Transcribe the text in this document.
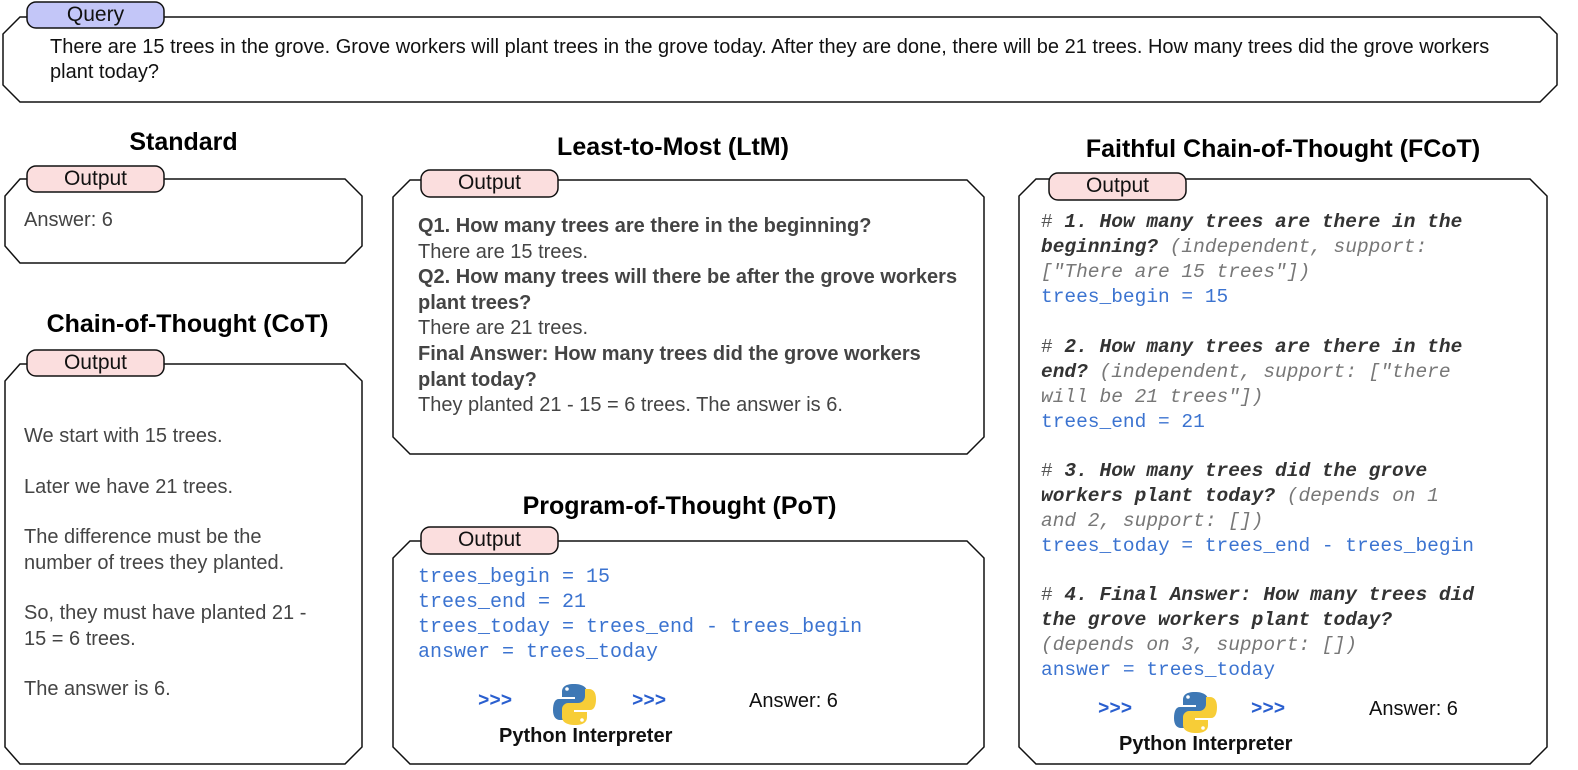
Query
There are 15 trees in the grove. Grove workers will plant trees in the grove today. After they are done, there will be 21 trees. How many trees did the grove workers plant today?
Standard
Output
Answer: 6
Chain-of-Thought (CoT)
Output
We start with 15 trees.
Later we have 21 trees.
The difference must be the number of trees they planted.
So, they must have planted 21 - 15 = 6 trees.
The answer is 6.
Least-to-Most (LtM)
Output
Q1. How many trees are there in the beginning?
There are 15 trees.
Q2. How many trees will there be after the grove workers plant trees?
There are 21 trees.
Final Answer: How many trees did the grove workers plant today?
They planted 21 - 15 = 6 trees. The answer is 6.
Program-of-Thought (PoT)
Output
trees_begin = 15
trees_end = 21
trees_today = trees_end - trees_begin
answer = trees_today
>>>	>>>	Answer: 6
Python Interpreter
Faithful Chain-of-Thought (FCoT)
Output
# 1. How many trees are there in the
beginning? (independent, support:
["There are 15 trees"])
trees_begin = 15
# 2. How many trees are there in the
end? (independent, support: ["there
will be 21 trees"])
trees_end = 21
# 3. How many trees did the grove
workers plant today? (depends on 1
and 2, support: [])
trees_today = trees_end - trees_begin
# 4. Final Answer: How many trees did
the grove workers plant today?
(depends on 3, support: [])
answer = trees_today
>>>	>>>	Answer: 6
Python Interpreter
